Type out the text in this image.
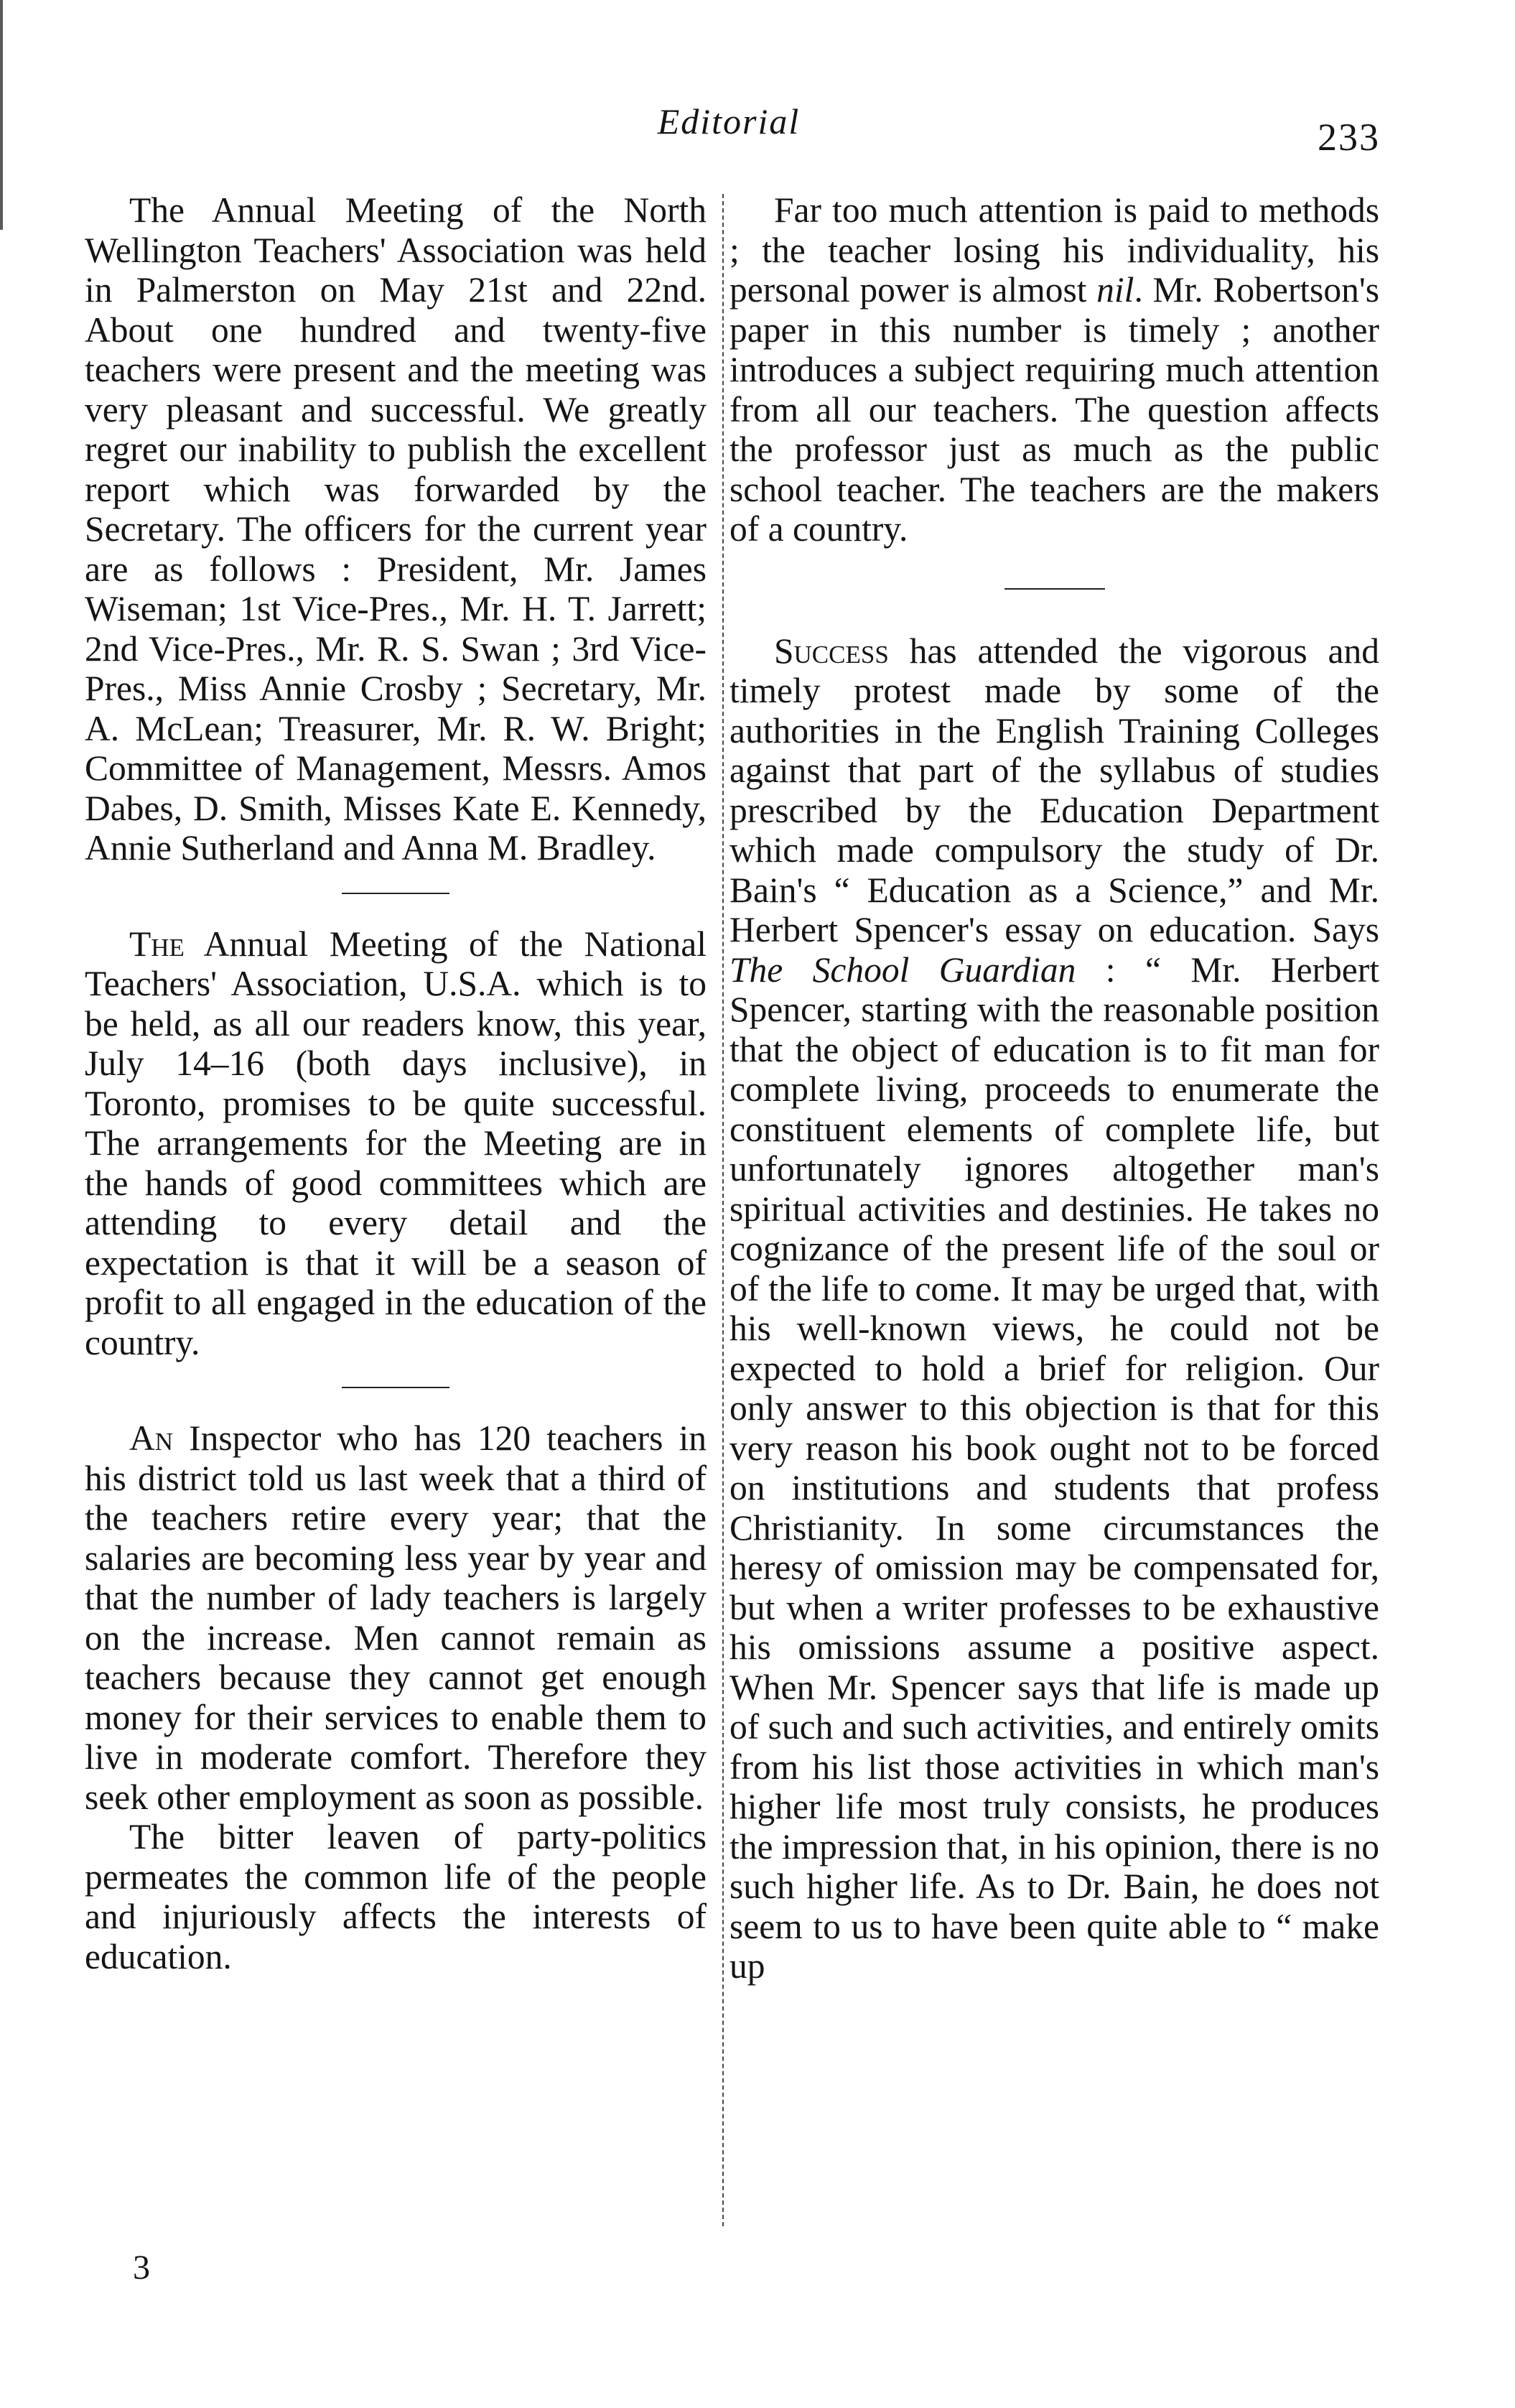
Editorial	233

The Annual Meeting of the North Wellington Teachers' Association was held in Palmerston on May 21st and 22nd. About one hundred and twenty-five teachers were present and the meeting was very pleasant and successful. We greatly regret our inability to publish the excellent report which was forwarded by the Secretary. The officers for the current year are as follows : President, Mr. James Wiseman; 1st Vice-Pres., Mr. H. T. Jarrett; 2nd Vice-Pres., Mr. R. S. Swan ; 3rd Vice-Pres., Miss Annie Crosby ; Secretary, Mr. A. McLean; Treasurer, Mr. R. W. Bright; Committee of Management, Messrs. Amos Dabes, D. Smith, Misses Kate E. Kennedy, Annie Sutherland and Anna M. Bradley.

The Annual Meeting of the National Teachers' Association, U.S.A. which is to be held, as all our readers know, this year, July 14–16 (both days inclusive), in Toronto, promises to be quite successful. The arrangements for the Meeting are in the hands of good committees which are attending to every detail and the expectation is that it will be a season of profit to all engaged in the education of the country.

An Inspector who has 120 teachers in his district told us last week that a third of the teachers retire every year; that the salaries are becoming less year by year and that the number of lady teachers is largely on the increase. Men cannot remain as teachers because they cannot get enough money for their services to enable them to live in moderate comfort. Therefore they seek other employment as soon as possible.

The bitter leaven of party-politics permeates the common life of the people and injuriously affects the interests of education.

Far too much attention is paid to methods ; the teacher losing his individuality, his personal power is almost nil. Mr. Robertson's paper in this number is timely ; another introduces a subject requiring much attention from all our teachers. The question affects the professor just as much as the public school teacher. The teachers are the makers of a country.

Success has attended the vigorous and timely protest made by some of the authorities in the English Training Colleges against that part of the syllabus of studies prescribed by the Education Department which made compulsory the study of Dr. Bain's “ Education as a Science,” and Mr. Herbert Spencer's essay on education. Says The School Guardian : “ Mr. Herbert Spencer, starting with the reasonable position that the object of education is to fit man for complete living, proceeds to enumerate the constituent elements of complete life, but unfortunately ignores altogether man's spiritual activities and destinies. He takes no cognizance of the present life of the soul or of the life to come. It may be urged that, with his well-known views, he could not be expected to hold a brief for religion. Our only answer to this objection is that for this very reason his book ought not to be forced on institutions and students that profess Christianity. In some circumstances the heresy of omission may be compensated for, but when a writer professes to be exhaustive his omissions assume a positive aspect. When Mr. Spencer says that life is made up of such and such activities, and entirely omits from his list those activities in which man's higher life most truly consists, he produces the impression that, in his opinion, there is no such higher life. As to Dr. Bain, he does not seem to us to have been quite able to “ make up

3
